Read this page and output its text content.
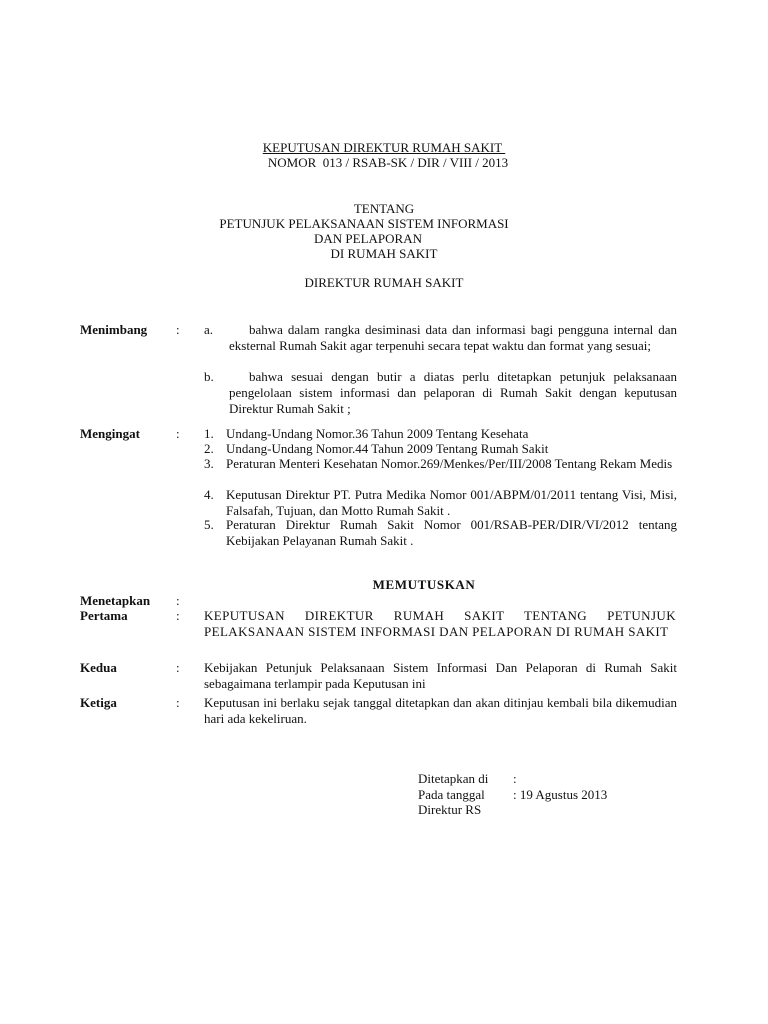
KEPUTUSAN DIREKTUR RUMAH SAKIT
NOMOR  013 / RSAB-SK / DIR / VIII / 2013
TENTANG
PETUNJUK PELAKSANAAN SISTEM INFORMASI
DAN PELAPORAN
DI RUMAH SAKIT
DIREKTUR RUMAH SAKIT
Menimbang : a.	bahwa dalam rangka desiminasi data dan informasi bagi pengguna internal dan eksternal Rumah Sakit agar terpenuhi secara tepat waktu dan format yang sesuai;
b.	bahwa sesuai dengan butir a diatas perlu ditetapkan petunjuk pelaksanaan pengelolaan sistem informasi dan pelaporan di Rumah Sakit dengan keputusan Direktur Rumah Sakit ;
Mengingat	: 1. Undang-Undang Nomor.36 Tahun 2009 Tentang Kesehata
2. Undang-Undang Nomor.44 Tahun 2009 Tentang Rumah Sakit
3. Peraturan Menteri Kesehatan Nomor.269/Menkes/Per/III/2008 Tentang Rekam Medis
4. Keputusan Direktur PT. Putra Medika Nomor 001/ABPM/01/2011 tentang Visi, Misi, Falsafah, Tujuan, dan Motto Rumah Sakit .
5. Peraturan Direktur Rumah Sakit Nomor 001/RSAB-PER/DIR/VI/2012 tentang Kebijakan Pelayanan Rumah Sakit .
MEMUTUSKAN
Menetapkan :
Pertama	: KEPUTUSAN DIREKTUR RUMAH SAKIT TENTANG PETUNJUK PELAKSANAAN SISTEM INFORMASI DAN PELAPORAN DI RUMAH SAKIT
Kedua	: Kebijakan Petunjuk Pelaksanaan Sistem Informasi Dan Pelaporan di Rumah Sakit sebagaimana terlampir pada Keputusan ini
Ketiga	: Keputusan ini berlaku sejak tanggal ditetapkan dan akan ditinjau kembali bila dikemudian hari ada kekeliruan.
Ditetapkan di :
Pada tanggal : 19 Agustus 2013
Direktur RS
